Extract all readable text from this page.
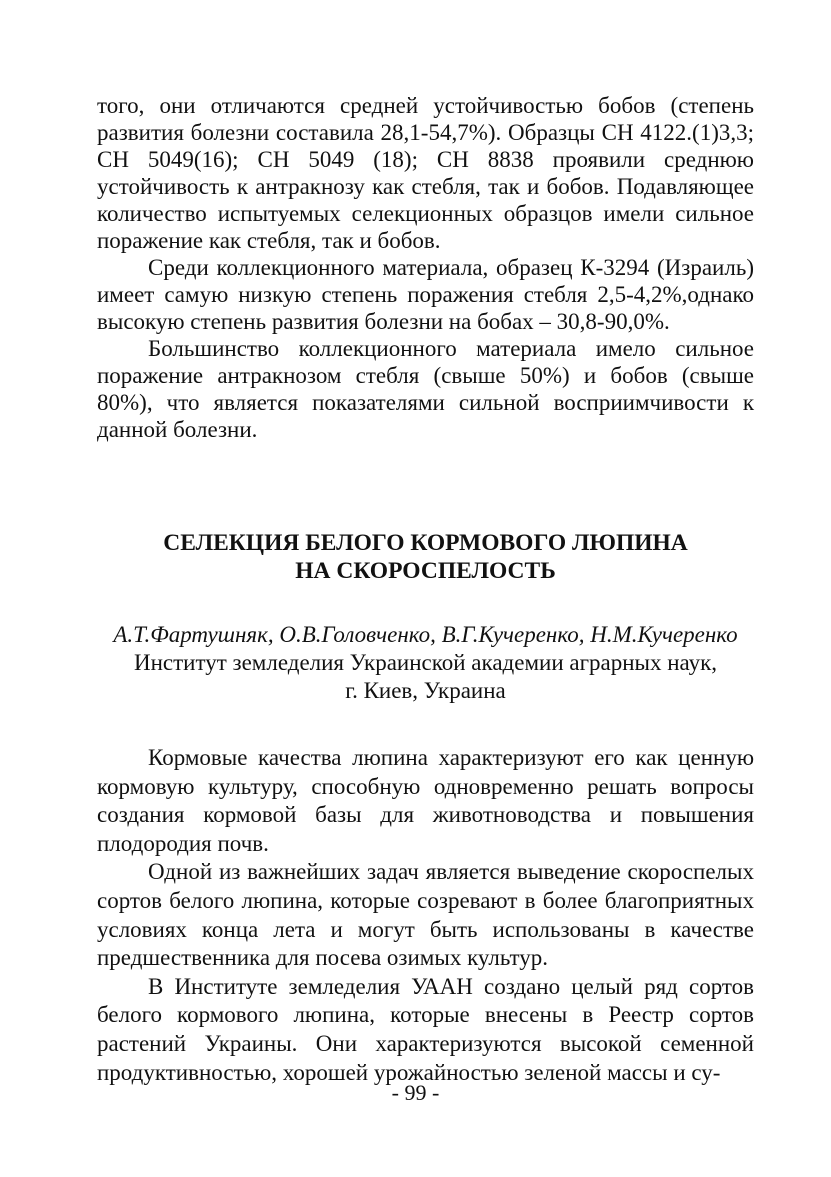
того, они отличаются средней устойчивостью бобов (степень развития болезни составила 28,1-54,7%). Образцы СН 4122.(1)3,3; СН 5049(16); СН 5049 (18); СН 8838 проявили среднюю устойчивость к антракнозу как стебля, так и бобов. Подавляющее количество испытуемых селекционных образцов имели сильное поражение как стебля, так и бобов.

Среди коллекционного материала, образец К-3294 (Израиль) имеет самую низкую степень поражения стебля 2,5-4,2%,однако высокую степень развития болезни на бобах – 30,8-90,0%.

Большинство коллекционного материала имело сильное поражение антракнозом стебля (свыше 50%) и бобов (свыше 80%), что является показателями сильной восприимчивости к данной болезни.

СЕЛЕКЦИЯ БЕЛОГО КОРМОВОГО ЛЮПИНА
НА СКОРОСПЕЛОСТЬ

А.Т.Фартушняк, О.В.Головченко, В.Г.Кучеренко, Н.М.Кучеренко

Институт земледелия Украинской академии аграрных наук,
г. Киев, Украина

Кормовые качества люпина характеризуют его как ценную кормовую культуру, способную одновременно решать вопросы создания кормовой базы для животноводства и повышения плодородия почв.

Одной из важнейших задач является выведение скороспелых сортов белого люпина, которые созревают в более благоприятных условиях конца лета и могут быть использованы в качестве предшественника для посева озимых культур.

В Институте земледелия УААН создано целый ряд сортов белого кормового люпина, которые внесены в Реестр сортов растений Украины. Они характеризуются высокой семенной продуктивностью, хорошей урожайностью зеленой массы и су-

- 99 -
